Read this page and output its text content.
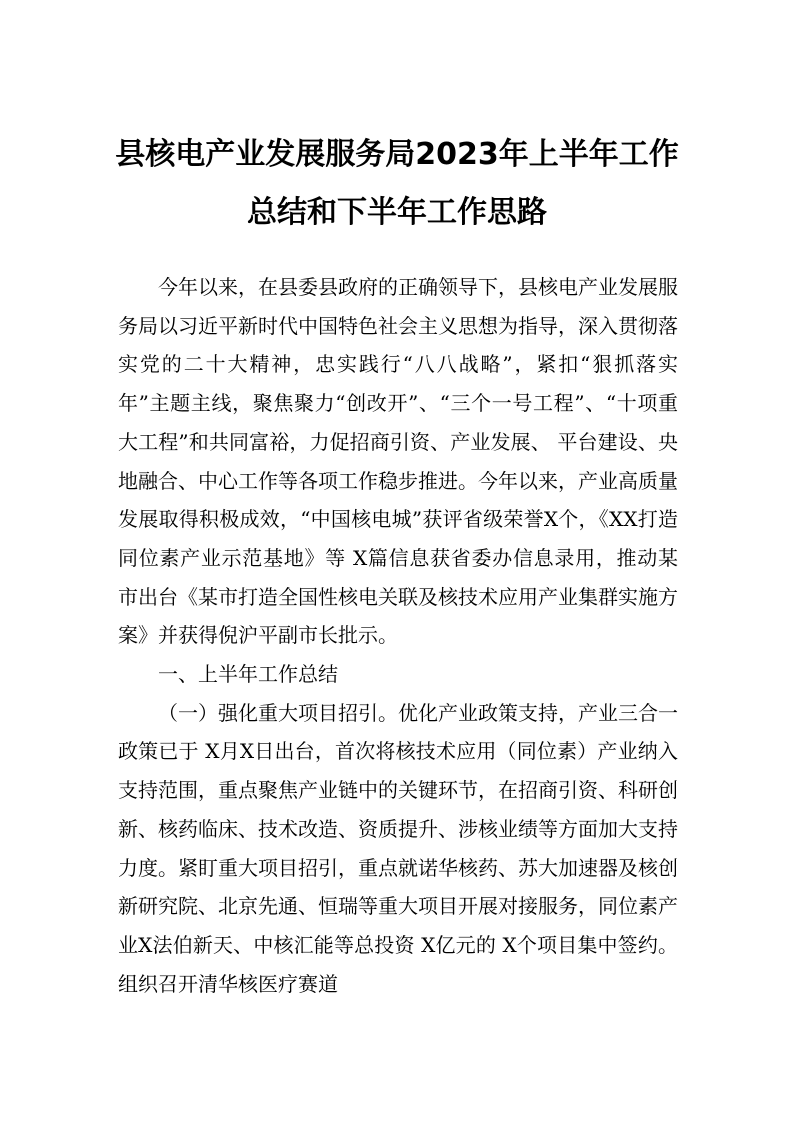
县核电产业发展服务局2023年上半年工作
总结和下半年工作思路

今年以来，在县委县政府的正确领导下，县核电产业发展服务局以习近平新时代中国特色社会主义思想为指导，深入贯彻落实党的二十大精神，忠实践行“八八战略”，紧扣“狠抓落实年”主题主线，聚焦聚力“创改开”、“三个一号工程”、“十项重大工程”和共同富裕，力促招商引资、产业发展、 平台建设、央地融合、中心工作等各项工作稳步推进。今年以来，产业高质量发展取得积极成效，“中国核电城”获评省级荣誉X个，《XX打造同位素产业示范基地》等 X篇信息获省委办信息录用，推动某市出台《某市打造全国性核电关联及核技术应用产业集群实施方案》并获得倪沪平副市长批示。

一、上半年工作总结

（一）强化重大项目招引。优化产业政策支持，产业三合一政策已于 X月X日出台，首次将核技术应用（同位素）产业纳入支持范围，重点聚焦产业链中的关键环节，在招商引资、科研创新、核药临床、技术改造、资质提升、涉核业绩等方面加大支持力度。紧盯重大项目招引，重点就诺华核药、苏大加速器及核创新研究院、北京先通、恒瑞等重大项目开展对接服务，同位素产业X法伯新天、中核汇能等总投资 X亿元的 X个项目集中签约。组织召开清华核医疗赛道
